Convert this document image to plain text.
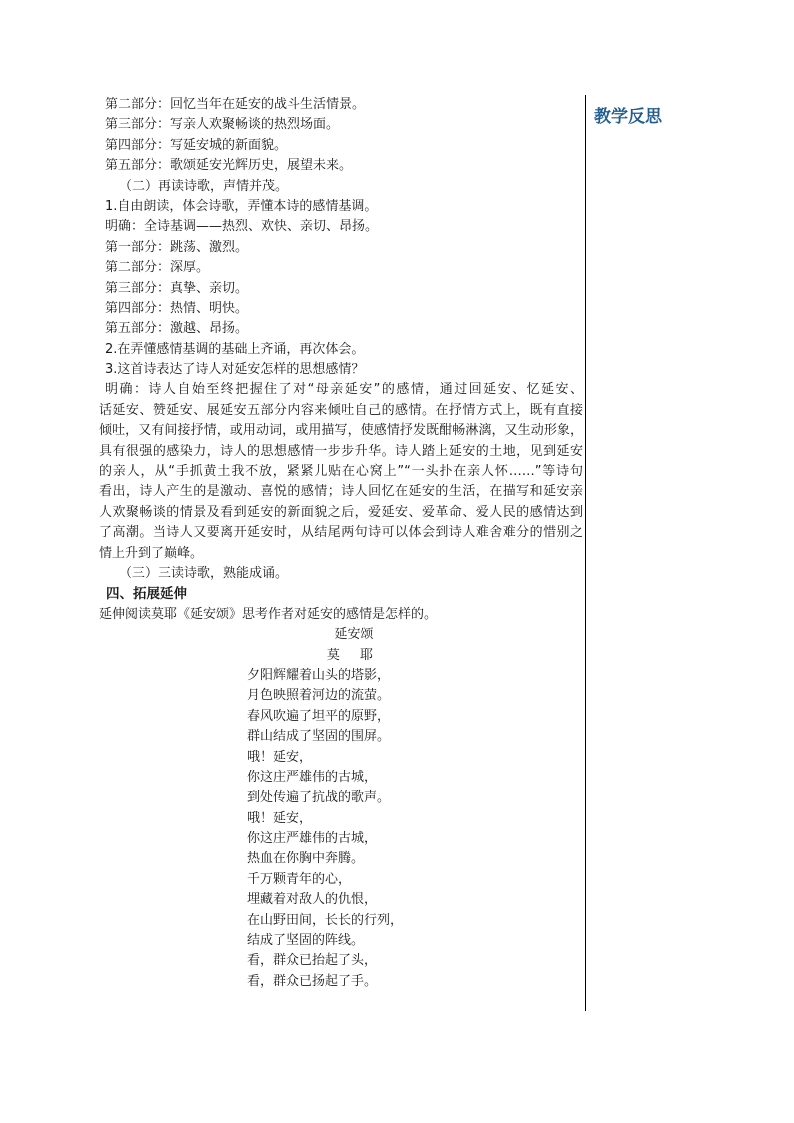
第二部分：回忆当年在延安的战斗生活情景。
第三部分：写亲人欢聚畅谈的热烈场面。
第四部分：写延安城的新面貌。
第五部分：歌颂延安光辉历史，展望未来。
（二）再读诗歌，声情并茂。
1.自由朗读，体会诗歌，弄懂本诗的感情基调。
明确：全诗基调——热烈、欢快、亲切、昂扬。
第一部分：跳荡、激烈。
第二部分：深厚。
第三部分：真挚、亲切。
第四部分：热情、明快。
第五部分：激越、昂扬。
2.在弄懂感情基调的基础上齐诵，再次体会。
3.这首诗表达了诗人对延安怎样的思想感情？
明确：诗人自始至终把握住了对“母亲延安”的感情，通过回延安、忆延安、
话延安、赞延安、展延安五部分内容来倾吐自己的感情。在抒情方式上，既有直接
倾吐，又有间接抒情，或用动词，或用描写，使感情抒发既酣畅淋漓，又生动形象，
具有很强的感染力，诗人的思想感情一步步升华。诗人踏上延安的土地，见到延安
的亲人，从“手抓黄土我不放，紧紧儿贴在心窝上”“一头扑在亲人怀……”等诗句
看出，诗人产生的是激动、喜悦的感情；诗人回忆在延安的生活，在描写和延安亲
人欢聚畅谈的情景及看到延安的新面貌之后，爱延安、爱革命、爱人民的感情达到
了高潮。当诗人又要离开延安时，从结尾两句诗可以体会到诗人难舍难分的惜别之
情上升到了巅峰。
（三）三读诗歌，熟能成诵。
四、拓展延伸
延伸阅读莫耶《延安颂》思考作者对延安的感情是怎样的。
延安颂
莫 耶
夕阳辉耀着山头的塔影，
月色映照着河边的流萤。
春风吹遍了坦平的原野，
群山结成了坚固的围屏。
哦！延安，
你这庄严雄伟的古城，
到处传遍了抗战的歌声。
哦！延安，
你这庄严雄伟的古城，
热血在你胸中奔腾。
千万颗青年的心，
埋藏着对敌人的仇恨，
在山野田间，长长的行列，
结成了坚固的阵线。
看，群众已抬起了头，
看，群众已扬起了手。
教学反思
